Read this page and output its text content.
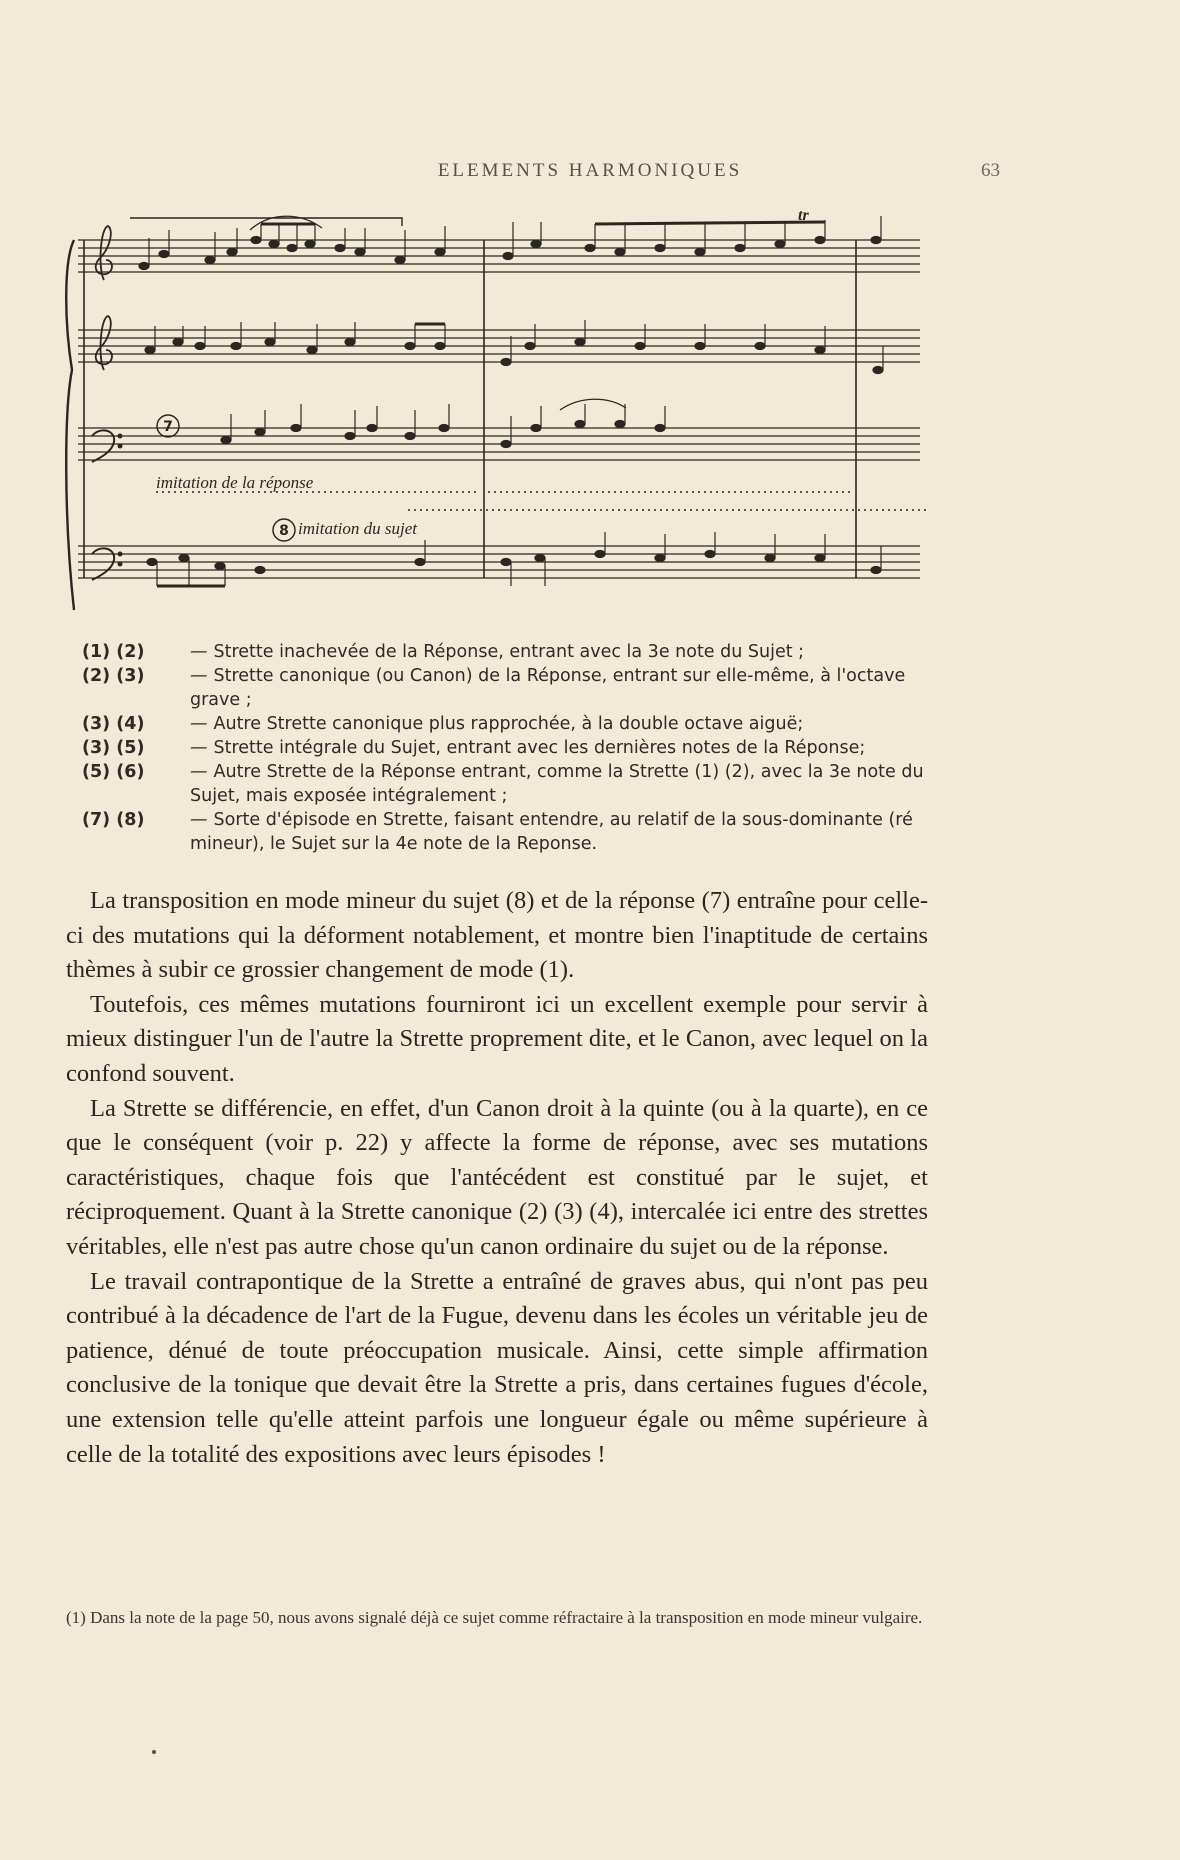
ELEMENTS HARMONIQUES	63
7
8
imitation de la réponse
imitation du sujet
tr
(1) (2)	— Strette inachevée de la Réponse, entrant avec la 3e note du Sujet ;
(2) (3)	— Strette canonique (ou Canon) de la Réponse, entrant sur elle-même, à l'octave grave ;
(3) (4)	— Autre Strette canonique plus rapprochée, à la double octave aiguë;
(3) (5)	— Strette intégrale du Sujet, entrant avec les dernières notes de la Réponse;
(5) (6)	— Autre Strette de la Réponse entrant, comme la Strette (1) (2), avec la 3e note du Sujet, mais exposée intégralement ;
(7) (8)	— Sorte d'épisode en Strette, faisant entendre, au relatif de la sous-dominante (ré mineur), le Sujet sur la 4e note de la Reponse.

La transposition en mode mineur du sujet (8) et de la réponse (7) entraîne pour celle-ci des mutations qui la déforment notablement, et montre bien l'inaptitude de certains thèmes à subir ce grossier changement de mode (1).

Toutefois, ces mêmes mutations fourniront ici un excellent exemple pour servir à mieux distinguer l'un de l'autre la Strette proprement dite, et le Canon, avec lequel on la confond souvent.

La Strette se différencie, en effet, d'un Canon droit à la quinte (ou à la quarte), en ce que le conséquent (voir p. 22) y affecte la forme de réponse, avec ses mutations caractéristiques, chaque fois que l'antécédent est constitué par le sujet, et réciproquement. Quant à la Strette canonique (2) (3) (4), intercalée ici entre des strettes véritables, elle n'est pas autre chose qu'un canon ordinaire du sujet ou de la réponse.

Le travail contrapontique de la Strette a entraîné de graves abus, qui n'ont pas peu contribué à la décadence de l'art de la Fugue, devenu dans les écoles un véritable jeu de patience, dénué de toute préoccupation musicale. Ainsi, cette simple affirmation conclusive de la tonique que devait être la Strette a pris, dans certaines fugues d'école, une extension telle qu'elle atteint parfois une longueur égale ou même supérieure à celle de la totalité des expositions avec leurs épisodes !

(1) Dans la note de la page 50, nous avons signalé déjà ce sujet comme réfractaire à la transposition en mode mineur vulgaire.
